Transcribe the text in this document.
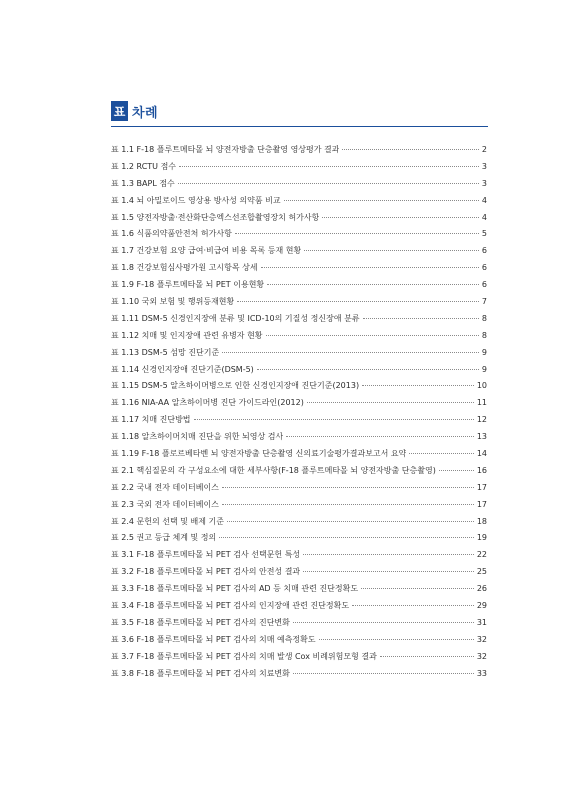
표 차례
표 1.1 F-18 플루트메타몰 뇌 양전자방출 단층촬영 영상평가 결과	2
표 1.2 RCTU 점수	3
표 1.3 BAPL 점수	3
표 1.4 뇌 아밀로이드 영상용 방사성 의약품 비교	4
표 1.5 양전자방출·전산화단층엑스선조합촬영장치 허가사항	4
표 1.6 식품의약품안전처 허가사항	5
표 1.7 건강보험 요양 급여·비급여 비용 목록 등재 현황	6
표 1.8 건강보험심사평가원 고시항목 상세	6
표 1.9 F-18 플루트메타몰 뇌 PET 이용현황	6
표 1.10 국외 보험 및 행위등재현황	7
표 1.11 DSM-5 신경인지장애 분류 및 ICD-10의 기질성 정신장애 분류	8
표 1.12 치매 및 인지장애 관련 유병자 현황	8
표 1.13 DSM-5 섬망 진단기준	9
표 1.14 신경인지장애 진단기준(DSM-5)	9
표 1.15 DSM-5 알츠하이머병으로 인한 신경인지장애 진단기준(2013)	10
표 1.16 NIA-AA 알츠하이머병 진단 가이드라인(2012)	11
표 1.17 치매 진단방법	12
표 1.18 알츠하이머치매 진단을 위한 뇌영상 검사	13
표 1.19 F-18 플로르베타벤 뇌 양전자방출 단층촬영 신의료기술평가결과보고서 요약	14
표 2.1 핵심질문의 각 구성요소에 대한 세부사항(F-18 플루트메타몰 뇌 양전자방출 단층촬영)	16
표 2.2 국내 전자 데이터베이스	17
표 2.3 국외 전자 데이터베이스	17
표 2.4 문헌의 선택 및 배제 기준	18
표 2.5 권고 등급 체계 및 정의	19
표 3.1 F-18 플루트메타몰 뇌 PET 검사 선택문헌 특성	22
표 3.2 F-18 플루트메타몰 뇌 PET 검사의 안전성 결과	25
표 3.3 F-18 플루트메타몰 뇌 PET 검사의 AD 등 치매 관련 진단정확도	26
표 3.4 F-18 플루트메타몰 뇌 PET 검사의 인지장애 관련 진단정확도	29
표 3.5 F-18 플루트메타몰 뇌 PET 검사의 진단변화	31
표 3.6 F-18 플루트메타몰 뇌 PET 검사의 치매 예측정확도	32
표 3.7 F-18 플루트메타몰 뇌 PET 검사의 치매 발생 Cox 비례위험모형 결과	32
표 3.8 F-18 플루트메타몰 뇌 PET 검사의 치료변화	33
